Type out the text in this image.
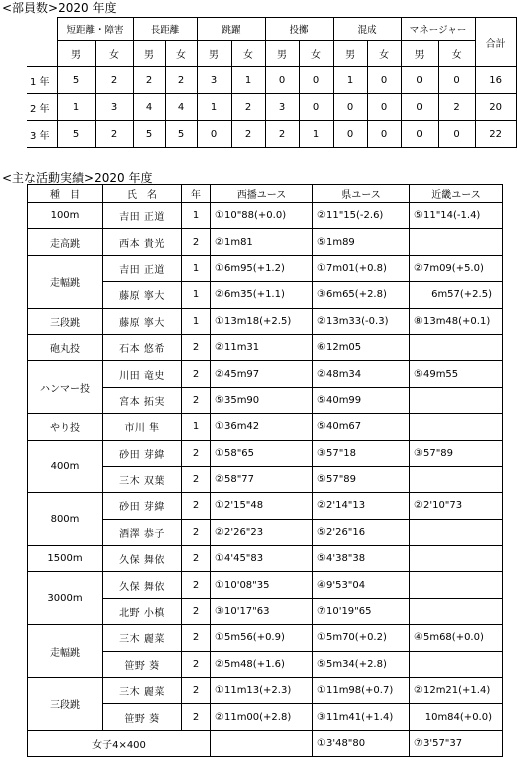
<部員数>2020 年度
	短距離・障害		長距離		跳躍		投擲		混成		マネージャー		合計
	男	女	男	女	男	女	男	女	男	女	男	女	
1 年	5	2	2	2	3	1	0	0	1	0	0	0	16
2 年	1	3	4	4	1	2	3	0	0	0	0	2	20
3 年	5	2	5	5	0	2	2	1	0	0	0	0	22
<主な活動実績>2020 年度
種　目	氏　名	年	西播ユース	県ユース	近畿ユース
100m	吉田 正道	1	①10"88(+0.0)	②11"15(-2.6)	⑤11"14(-1.4)
走高跳	西本 貴光	2	②1m81	⑤1m89	
走幅跳	吉田 正道	1	①6m95(+1.2)	①7m01(+0.8)	②7m09(+5.0)
	藤原 寧大	1	②6m35(+1.1)	③6m65(+2.8)	6m57(+2.5)
三段跳	藤原 寧大	1	①13m18(+2.5)	②13m33(-0.3)	⑧13m48(+0.1)
砲丸投	石本 悠希	2	②11m31	⑥12m05	
ハンマー投	川田 竜史	2	②45m97	②48m34	⑤49m55
	宮本 拓実	2	⑤35m90	⑤40m99	
やり投	市川 隼	1	①36m42	⑤40m67	
400m	砂田 芽緯	2	①58"65	③57"18	③57"89
	三木 双葉	2	②58"77	⑤57"89	
800m	砂田 芽緯	2	①2'15"48	②2'14"13	②2'10"73
	酒澤 恭子	2	②2'26"23	⑤2'26"16	
1500m	久保 舞依	2	①4'45"83	⑤4'38"38	
3000m	久保 舞依	2	①10'08"35	④9'53"04	
	北野 小槙	2	③10'17"63	⑦10'19"65	
走幅跳	三木 麗菜	2	①5m56(+0.9)	①5m70(+0.2)	④5m68(+0.0)
	笹野 葵	2	②5m48(+1.6)	⑤5m34(+2.8)	
三段跳	三木 麗菜	2	①11m13(+2.3)	①11m98(+0.7)	②12m21(+1.4)
	笹野 葵	2	②11m00(+2.8)	③11m41(+1.4)	10m84(+0.0)
女子4×400				①3'48"80	⑦3'57"37
